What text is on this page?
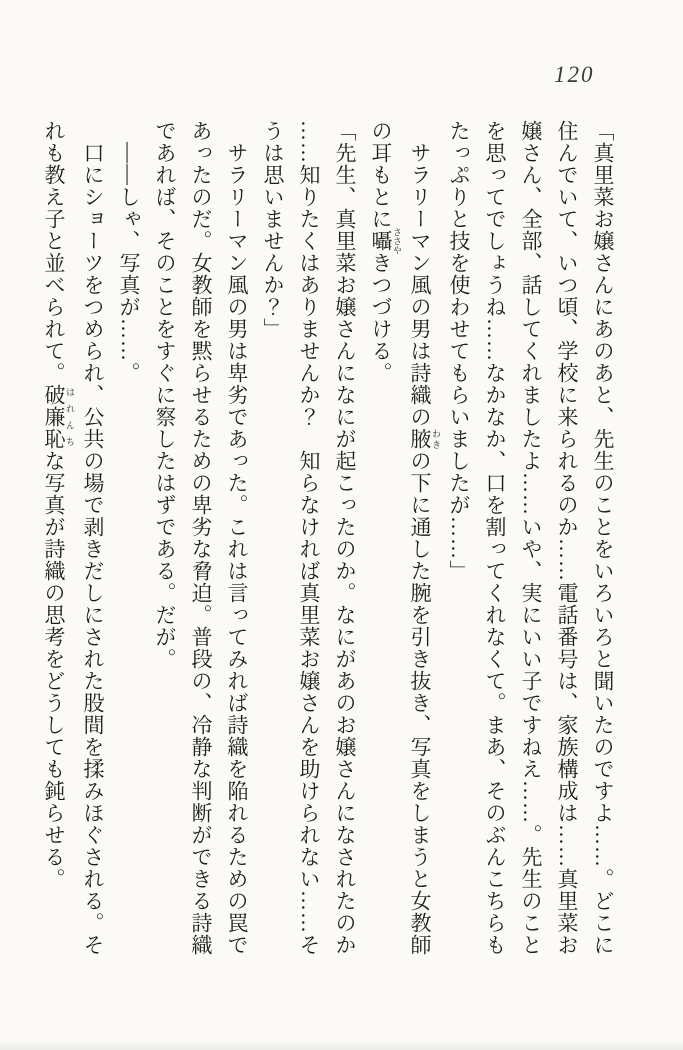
120
「真里菜お嬢さんにあのあと、先生のことをいろいろと聞いたのですよ……。どこに
住んでいて、いつ頃、学校に来られるのか……電話番号は、家族構成は……真里菜お
嬢さん、全部、話してくれましたよ……いや、実にいい子ですねえ……。先生のこと
を思ってでしょうね……なかなか、口を割ってくれなくて。まあ、そのぶんこちらも
たっぷりと技を使わせてもらいましたが……」
サラリーマン風の男は詩織の腋 わきの下に通した腕を引き抜き、写真をしまうと女教師
の耳もとに囁 ささやきつづける。
「先生、真里菜お嬢さんになにが起こったのか。なにがあのお嬢さんになされたのか
……知りたくはありませんか？　知らなければ真里菜お嬢さんを助けられない……そ
うは思いませんか？」
サラリーマン風の男は卑劣であった。これは言ってみれば詩織を陥れるための罠で
あったのだ。女教師を黙らせるための卑劣な脅迫。普段の、冷静な判断ができる詩織
であれば、そのことをすぐに察したはずである。だが。
――しゃ、写真が……。
口にショーツをつめられ、公共の場で剥きだしにされた股間を揉みほぐされる。そ
れも教え子と並べられて。破廉恥 はれんちな写真が詩織の思考をどうしても鈍らせる。
